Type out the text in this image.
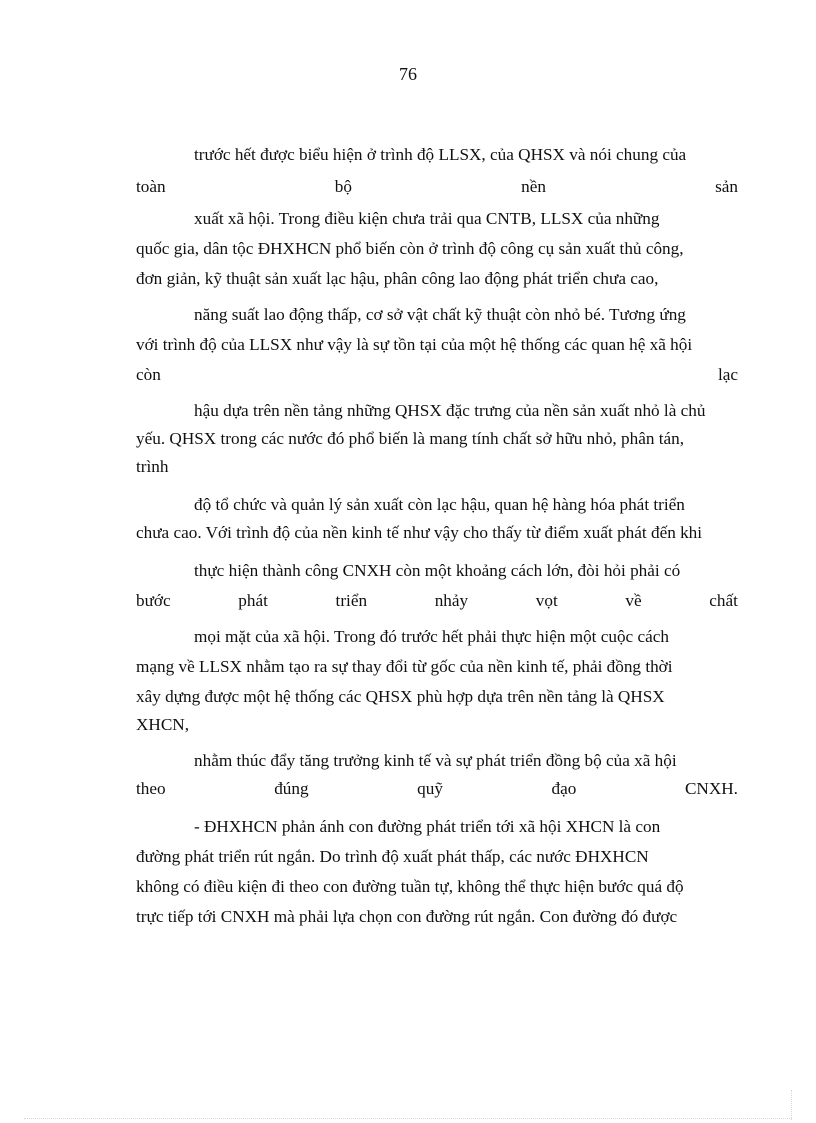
76
trước hết được biểu hiện ở trình độ LLSX, của QHSX và nói chung của
toàn	bộ	nền	sản
xuất xã hội. Trong điều kiện chưa trải qua CNTB, LLSX của những
quốc gia, dân tộc ĐHXHCN phổ biến còn ở trình độ công cụ sản xuất thủ công,
đơn giản, kỹ thuật sản xuất lạc hậu, phân công lao động phát triển chưa cao,
năng suất lao động thấp, cơ sở vật chất kỹ thuật còn nhỏ bé. Tương ứng
với trình độ của LLSX như vậy là sự tồn tại của một hệ thống các quan hệ xã hội
còn	lạc
hậu dựa trên nền tảng những QHSX đặc trưng của nền sản xuất nhỏ là chủ
yếu. QHSX trong các nước đó phổ biến là mang tính chất sở hữu nhỏ, phân tán,
trình
độ tổ chức và quản lý sản xuất còn lạc hậu, quan hệ hàng hóa phát triển
chưa cao. Với trình độ của nền kinh tế như vậy cho thấy từ điểm xuất phát đến khi
thực hiện thành công CNXH còn một khoảng cách lớn, đòi hỏi phải có
bước	phát	triển	nhảy	vọt	về	chất
mọi mặt của xã hội. Trong đó trước hết phải thực hiện một cuộc cách
mạng về LLSX nhằm tạo ra sự thay đổi từ gốc của nền kinh tế, phải đồng thời
xây dựng được một hệ thống các QHSX phù hợp dựa trên nền tảng là QHSX
XHCN,
nhằm thúc đẩy tăng trưởng kinh tế và sự phát triển đồng bộ của xã hội
theo	đúng	quỹ	đạo	CNXH.
- ĐHXHCN phản ánh con đường phát triển tới xã hội XHCN là con
đường phát triển rút ngắn. Do trình độ xuất phát thấp, các nước ĐHXHCN
không có điều kiện đi theo con đường tuần tự, không thể thực hiện bước quá độ
trực tiếp tới CNXH mà phải lựa chọn con đường rút ngắn. Con đường đó được
